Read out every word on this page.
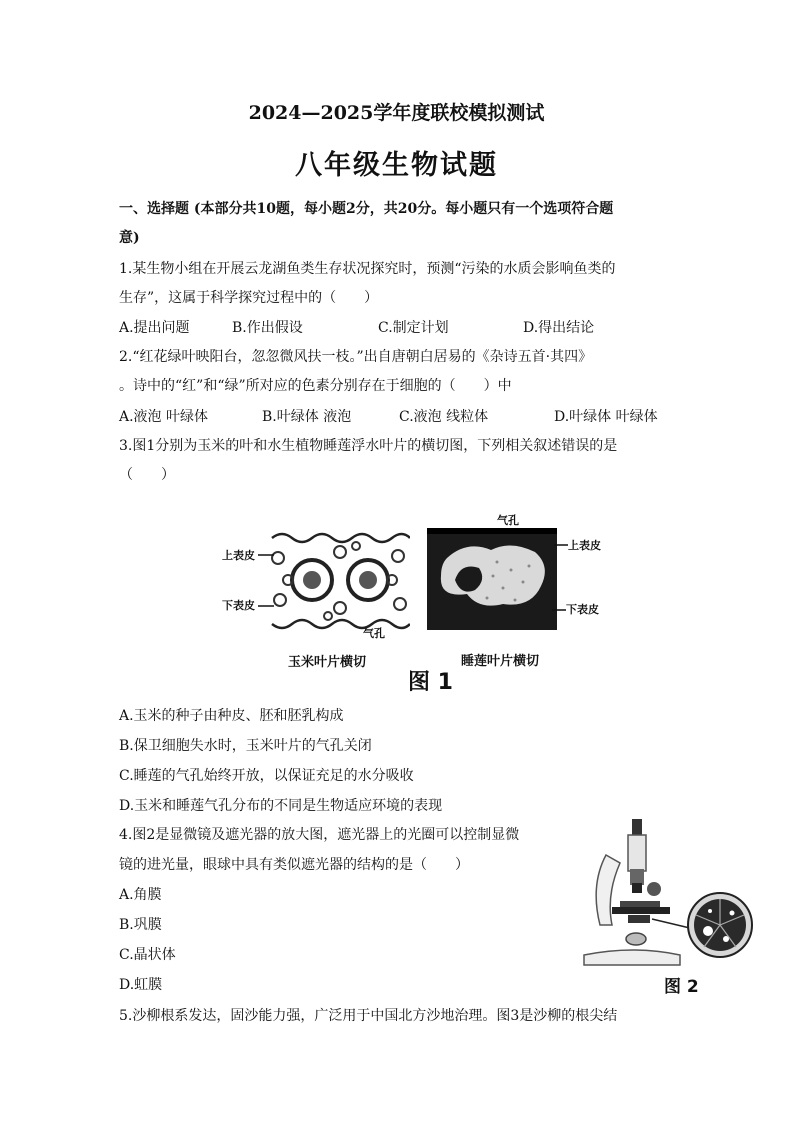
2024—2025学年度联校模拟测试
八年级生物试题
一、选择题 (本部分共10题，每小题2分，共20分。每小题只有一个选项符合题
意)
1.某生物小组在开展云龙湖鱼类生存状况探究时，预测“污染的水质会影响鱼类的
生存”，这属于科学探究过程中的（　　）
A.提出问题	B.作出假设	C.制定计划	D.得出结论
2.“红花绿叶映阳台，忽忽微风扶一枝。”出自唐朝白居易的《杂诗五首·其四》
。诗中的“红”和“绿”所对应的色素分别存在于细胞的（　　）中
A.液泡 叶绿体	B.叶绿体 液泡	C.液泡 线粒体	D.叶绿体 叶绿体
3.图1分别为玉米的叶和水生植物睡莲浮水叶片的横切图，下列相关叙述错误的是
（　　）
上表皮
下表皮
气孔
玉米叶片横切
气孔
上表皮
下表皮
睡莲叶片横切
图 1
A.玉米的种子由种皮、胚和胚乳构成
B.保卫细胞失水时，玉米叶片的气孔关闭
C.睡莲的气孔始终开放，以保证充足的水分吸收
D.玉米和睡莲气孔分布的不同是生物适应环境的表现
4.图2是显微镜及遮光器的放大图，遮光器上的光圈可以控制显微
镜的进光量，眼球中具有类似遮光器的结构的是（　　）
A.角膜
B.巩膜
C.晶状体
D.虹膜	图 2
5.沙柳根系发达，固沙能力强，广泛用于中国北方沙地治理。图3是沙柳的根尖结
